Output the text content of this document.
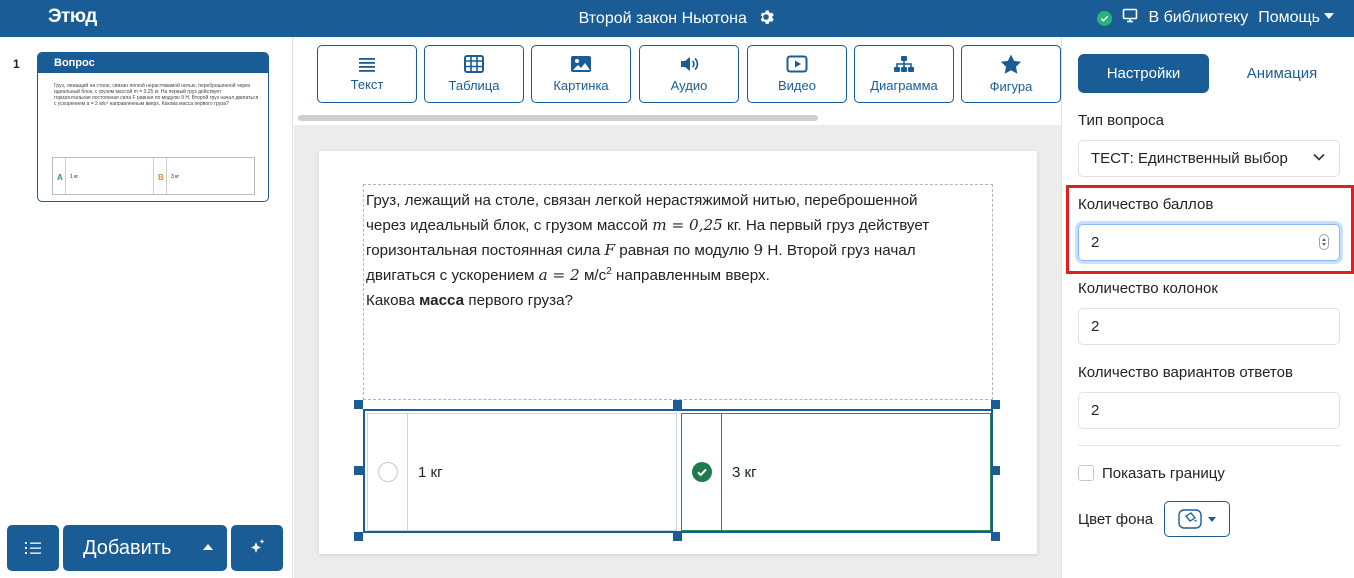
Этюд	Второй закон Ньютона	В библиотеку Помощь
1	Вопрос
Груз, лежащий на столе, связан легкой нерастяжимой нитью, переброшенной через идеальный блок, с грузом массой m = 0,25 кг. На первый груз действует горизонтальная постоянная сила F равная по модулю 9 Н. Второй груз начал двигаться с ускорением a = 2 м/с² направленным вверх. Какова масса первого груза?
A 1 кг	B 3 кг
Добавить
Текст	Таблица	Картинка	Аудио	Видео	Диаграмма	Фигура
Груз, лежащий на столе, связан легкой нерастяжимой нитью, переброшенной
через идеальный блок, с грузом массой m = 0,25 кг. На первый груз действует
горизонтальная постоянная сила F равная по модулю 9 Н. Второй груз начал
двигаться с ускорением a = 2 $м/с^2$ направленным вверх.
Какова масса первого груза?
1 кг	3 кг
Настройки	Анимация
Тип вопроса
ТЕСТ: Единственный выбор
Количество баллов
2
Количество колонок
2
Количество вариантов ответов
2
Показать границу
Цвет фона
